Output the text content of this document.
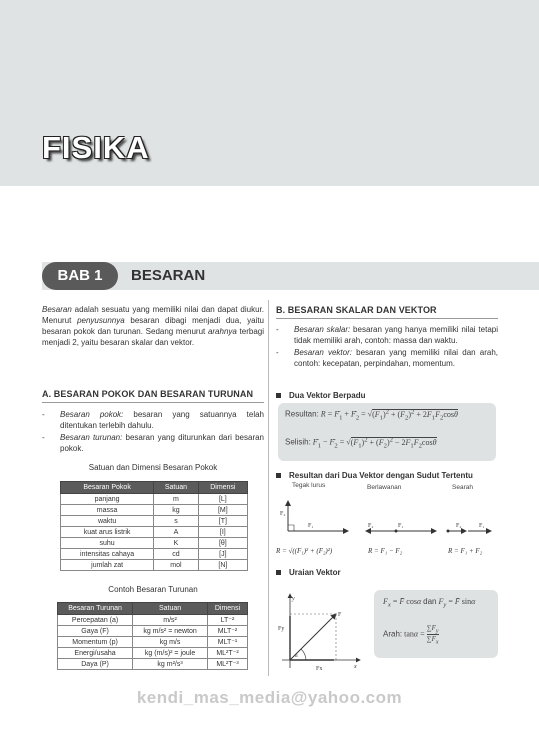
FISIKA
BAB 1	BESARAN
Besaran adalah sesuatu yang memiliki nilai dan dapat diukur. Menurut penyusunnya besaran dibagi menjadi dua, yaitu besaran pokok dan turunan. Sedang menurut arahnya terbagi menjadi 2, yaitu besaran skalar dan vektor.
A. BESARAN POKOK DAN BESARAN TURUNAN
- Besaran pokok: besaran yang satuannya telah ditentukan terlebih dahulu.
- Besaran turunan: besaran yang diturunkan dari besaran pokok.
Satuan dan Dimensi Besaran Pokok
Besaran Pokok	Satuan	Dimensi
panjang	m	[L]
massa	kg	[M]
waktu	s	[T]
kuat arus listrik	A	[I]
suhu	K	[θ]
intensitas cahaya	cd	[J]
jumlah zat	mol	[N]
Contoh Besaran Turunan
Besaran Turunan	Satuan	Dimensi
Percepatan (a)	m/s²	LT⁻²
Gaya (F)	kg m/s² = newton	MLT⁻²
Momentum (p)	kg m/s	MLT⁻¹
Energi/usaha	kg (m/s)² = joule	ML²T⁻²
Daya (P)	kg m²/s³	ML²T⁻³
B. BESARAN SKALAR DAN VEKTOR
- Besaran skalar: besaran yang hanya memiliki nilai tetapi tidak memiliki arah, contoh: massa dan waktu.
- Besaran vektor: besaran yang memiliki nilai dan arah, contoh: kecepatan, perpindahan, momentum.
Dua Vektor Berpadu
Resultan: $R = F_1 + F_2 = √(F_1)^2 + (F_2)^2 + 2F_1F_2\cos\theta$
Selisih: $F_1 - F_2 = √(F_1)^2 + (F_2)^2 - 2F_1F_2\cos\theta$
Resultan dari Dua Vektor dengan Sudut Tertentu
Tegak lurus	Berlawanan	Searah
F₂
F₁	F₂	F₁	F₂	F₁
R = √((F₁)² + (F₂)²)	R = F₁ − F₂	R = F₁ + F₂
Uraian Vektor
y
x
α
F
Fy
Fx
$F_x$ = F̄ cosα dan $F_y$ = F̄ sinα
Arah: $\tan\alpha = \frac{\sum F_y}{\sum F_x}$
kendi_mas_media@yahoo.com
